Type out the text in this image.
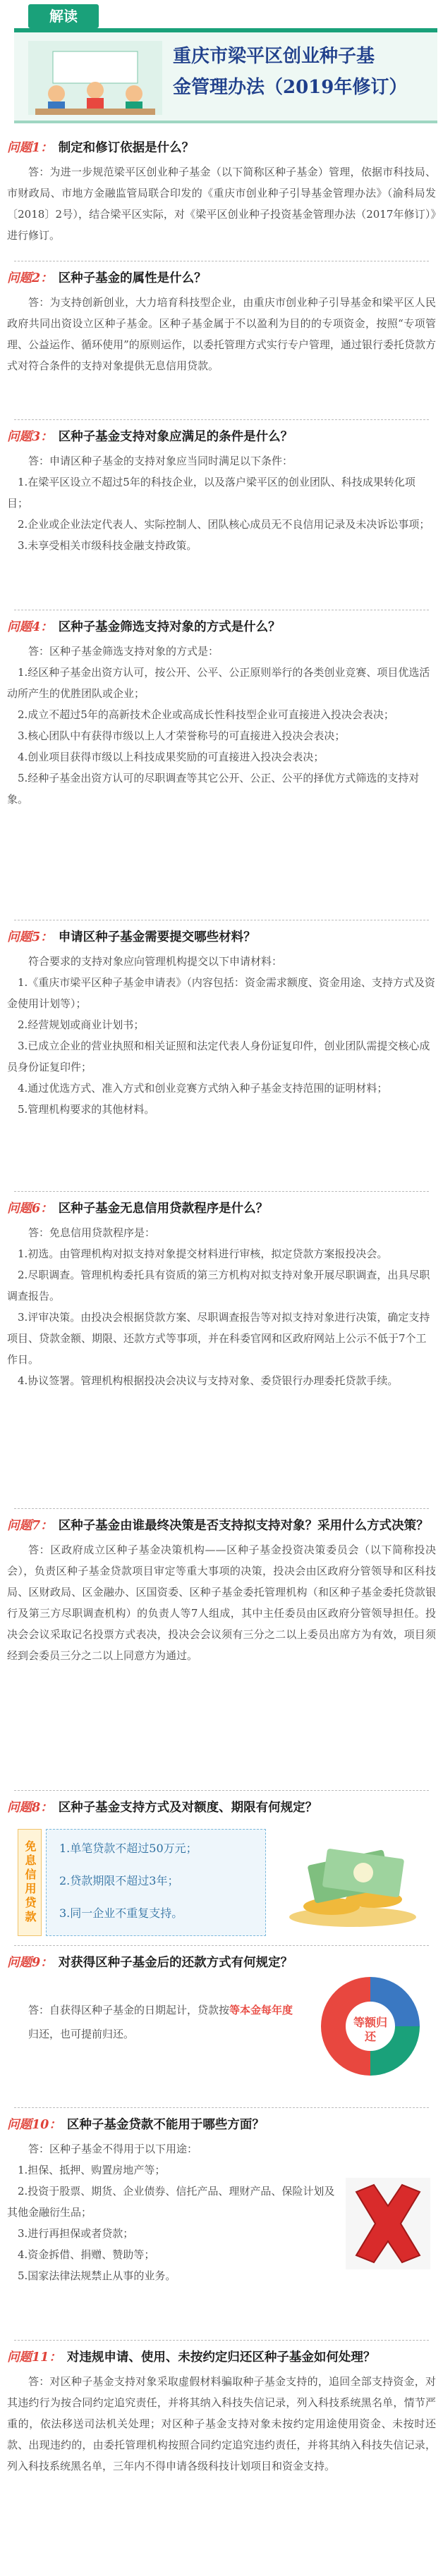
解读
重庆市梁平区创业种子基
金管理办法（2019年修订）
问题1： 制定和修订依据是什么？

答：为进一步规范梁平区创业种子基金（以下简称区种子基金）管理，依据市科技局、市财政局、市地方金融监管局联合印发的《重庆市创业种子引导基金管理办法》（渝科局发〔2018〕2号），结合梁平区实际，对《梁平区创业种子投资基金管理办法（2017年修订）》进行修订。

问题2： 区种子基金的属性是什么？

答：为支持创新创业，大力培育科技型企业，由重庆市创业种子引导基金和梁平区人民政府共同出资设立区种子基金。区种子基金属于不以盈利为目的的专项资金，按照“专项管理、公益运作、循环使用”的原则运作，以委托管理方式实行专户管理，通过银行委托贷款方式对符合条件的支持对象提供无息信用贷款。

问题3： 区种子基金支持对象应满足的条件是什么？

答：申请区种子基金的支持对象应当同时满足以下条件：

1.在梁平区设立不超过5年的科技企业，以及落户梁平区的创业团队、科技成果转化项目；

2.企业或企业法定代表人、实际控制人、团队核心成员无不良信用记录及未决诉讼事项；

3.未享受相关市级科技金融支持政策。

问题4： 区种子基金筛选支持对象的方式是什么？

答：区种子基金筛选支持对象的方式是：

1.经区种子基金出资方认可，按公开、公平、公正原则举行的各类创业竞赛、项目优选活动所产生的优胜团队或企业；

2.成立不超过5年的高新技术企业或高成长性科技型企业可直接进入投决会表决；

3.核心团队中有获得市级以上人才荣誉称号的可直接进入投决会表决；

4.创业项目获得市级以上科技成果奖励的可直接进入投决会表决；

5.经种子基金出资方认可的尽职调查等其它公开、公正、公平的择优方式筛选的支持对象。

问题5： 申请区种子基金需要提交哪些材料？

符合要求的支持对象应向管理机构提交以下申请材料：

1.《重庆市梁平区种子基金申请表》（内容包括：资金需求额度、资金用途、支持方式及资金使用计划等）；

2.经营规划或商业计划书；

3.已成立企业的营业执照和相关证照和法定代表人身份证复印件，创业团队需提交核心成员身份证复印件；

4.通过优选方式、准入方式和创业竞赛方式纳入种子基金支持范围的证明材料；

5.管理机构要求的其他材料。

问题6： 区种子基金无息信用贷款程序是什么？

答：免息信用贷款程序是：

1.初选。由管理机构对拟支持对象提交材料进行审核，拟定贷款方案报投决会。

2.尽职调查。管理机构委托具有资质的第三方机构对拟支持对象开展尽职调查，出具尽职调查报告。

3.评审决策。由投决会根据贷款方案、尽职调查报告等对拟支持对象进行决策，确定支持项目、贷款金额、期限、还款方式等事项，并在科委官网和区政府网站上公示不低于7个工作日。

4.协议签署。管理机构根据投决会决议与支持对象、委贷银行办理委托贷款手续。

问题7： 区种子基金由谁最终决策是否支持拟支持对象？采用什么方式决策？

答：区政府成立区种子基金决策机构——区种子基金投资决策委员会（以下简称投决会），负责区种子基金贷款项目审定等重大事项的决策，投决会由区政府分管领导和区科技局、区财政局、区金融办、区国资委、区种子基金委托管理机构（和区种子基金委托贷款银行及第三方尽职调查机构）的负责人等7人组成，其中主任委员由区政府分管领导担任。投决会会议采取记名投票方式表决，投决会会议须有三分之二以上委员出席方为有效，项目须经到会委员三分之二以上同意方为通过。

问题8： 区种子基金支持方式及对额度、期限有何规定？
免息信用贷款	1.单笔贷款不超过50万元；
2.贷款期限不超过3年；
3.同一企业不重复支持。
问题9： 对获得区种子基金后的还款方式有何规定？
答：自获得区种子基金的日期起计，贷款按等本金每年度归还，也可提前归还。
等额归还
问题10： 区种子基金贷款不能用于哪些方面？

答：区种子基金不得用于以下用途：

1.担保、抵押、购置房地产等；

2.投资于股票、期货、企业债券、信托产品、理财产品、保险计划及其他金融衍生品；

3.进行再担保或者贷款；

4.资金拆借、捐赠、赞助等；

5.国家法律法规禁止从事的业务。

问题11： 对违规申请、使用、未按约定归还区种子基金如何处理？

答：对区种子基金支持对象采取虚假材料骗取种子基金支持的，追回全部支持资金，对其违约行为按合同约定追究责任，并将其纳入科技失信记录，列入科技系统黑名单，情节严重的，依法移送司法机关处理；对区种子基金支持对象未按约定用途使用资金、未按时还款、出现违约的，由委托管理机构按照合同约定追究违约责任，并将其纳入科技失信记录，列入科技系统黑名单，三年内不得申请各级科技计划项目和资金支持。
